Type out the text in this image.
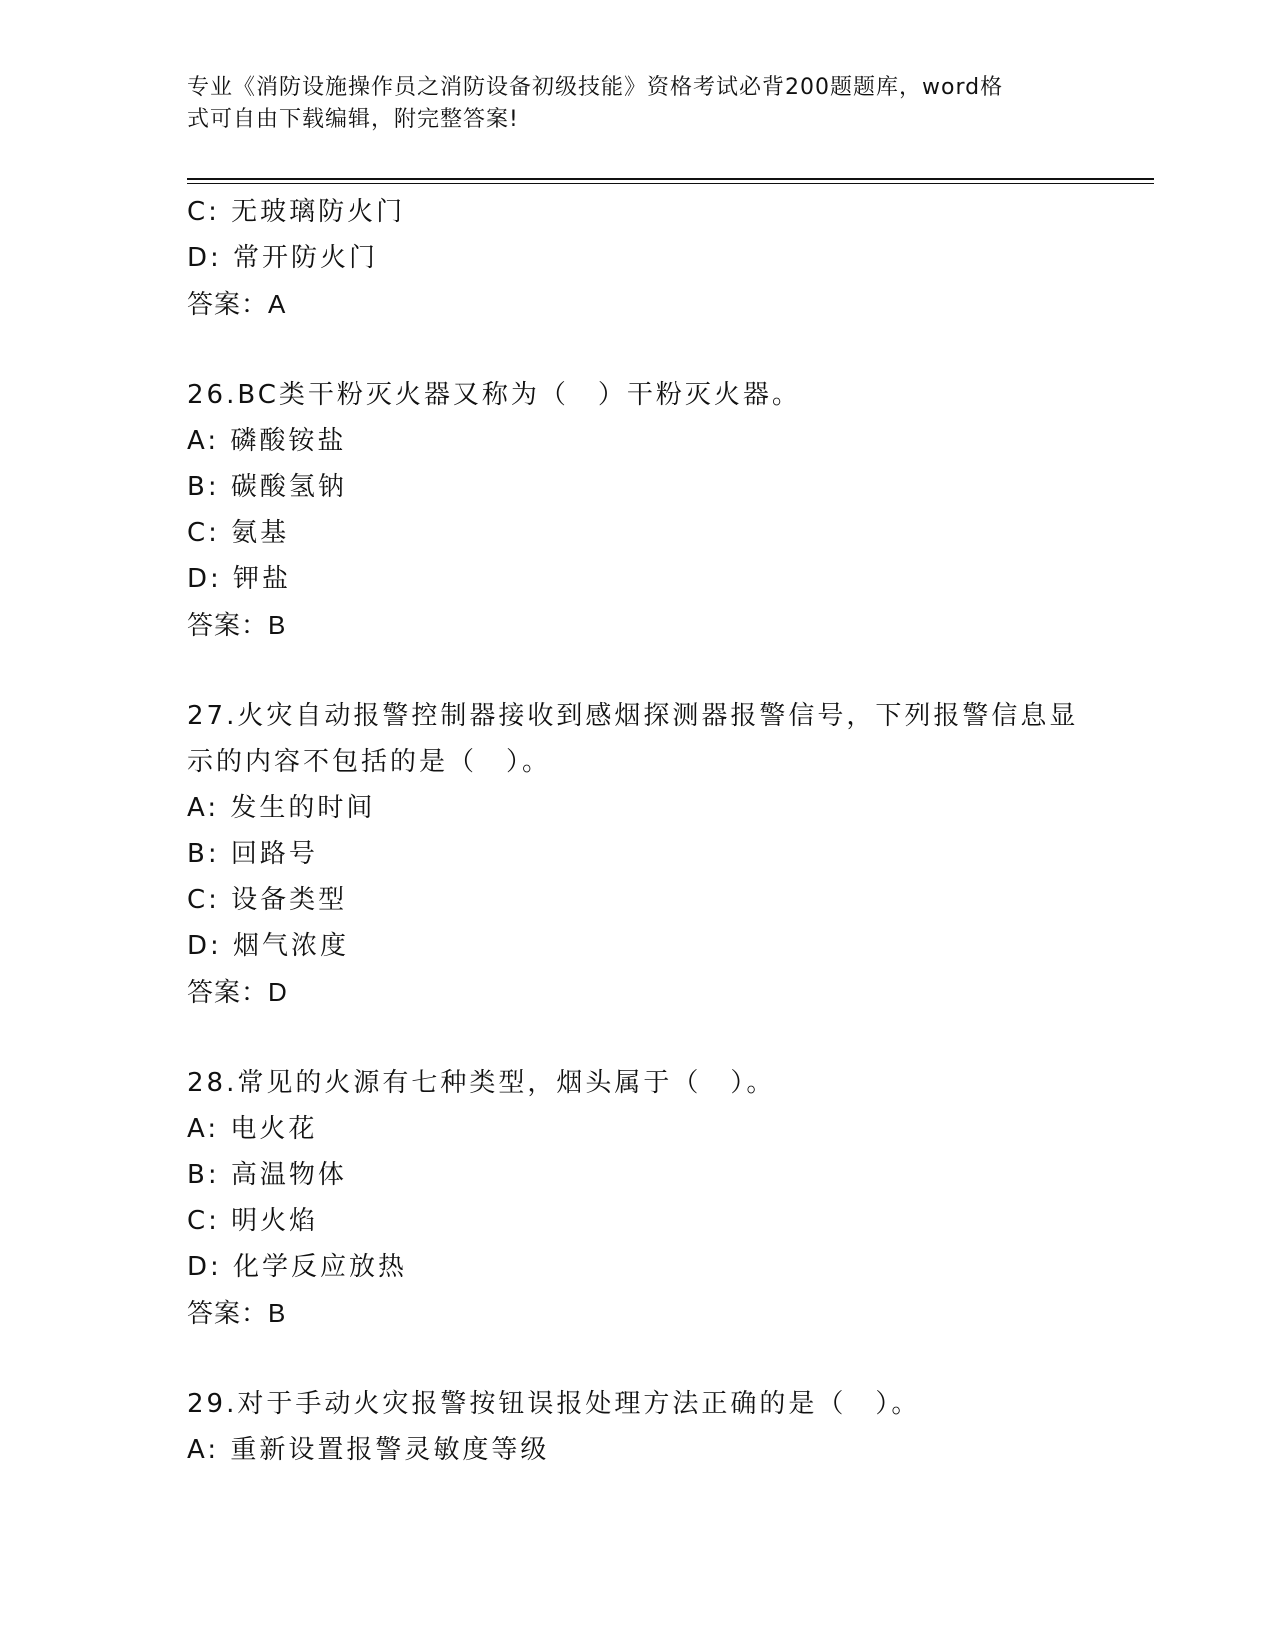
专业《消防设施操作员之消防设备初级技能》资格考试必背200题题库，word格
式可自由下载编辑，附完整答案!
C: 无玻璃防火门
D: 常开防火门
答案：A
26.BC类干粉灭火器又称为（　）干粉灭火器。
A: 磷酸铵盐
B: 碳酸氢钠
C: 氨基
D: 钾盐
答案：B
27.火灾自动报警控制器接收到感烟探测器报警信号，下列报警信息显
示的内容不包括的是（　）。
A: 发生的时间
B: 回路号
C: 设备类型
D: 烟气浓度
答案：D
28.常见的火源有七种类型，烟头属于（　）。
A: 电火花
B: 高温物体
C: 明火焰
D: 化学反应放热
答案：B
29.对于手动火灾报警按钮误报处理方法正确的是（　）。
A: 重新设置报警灵敏度等级
